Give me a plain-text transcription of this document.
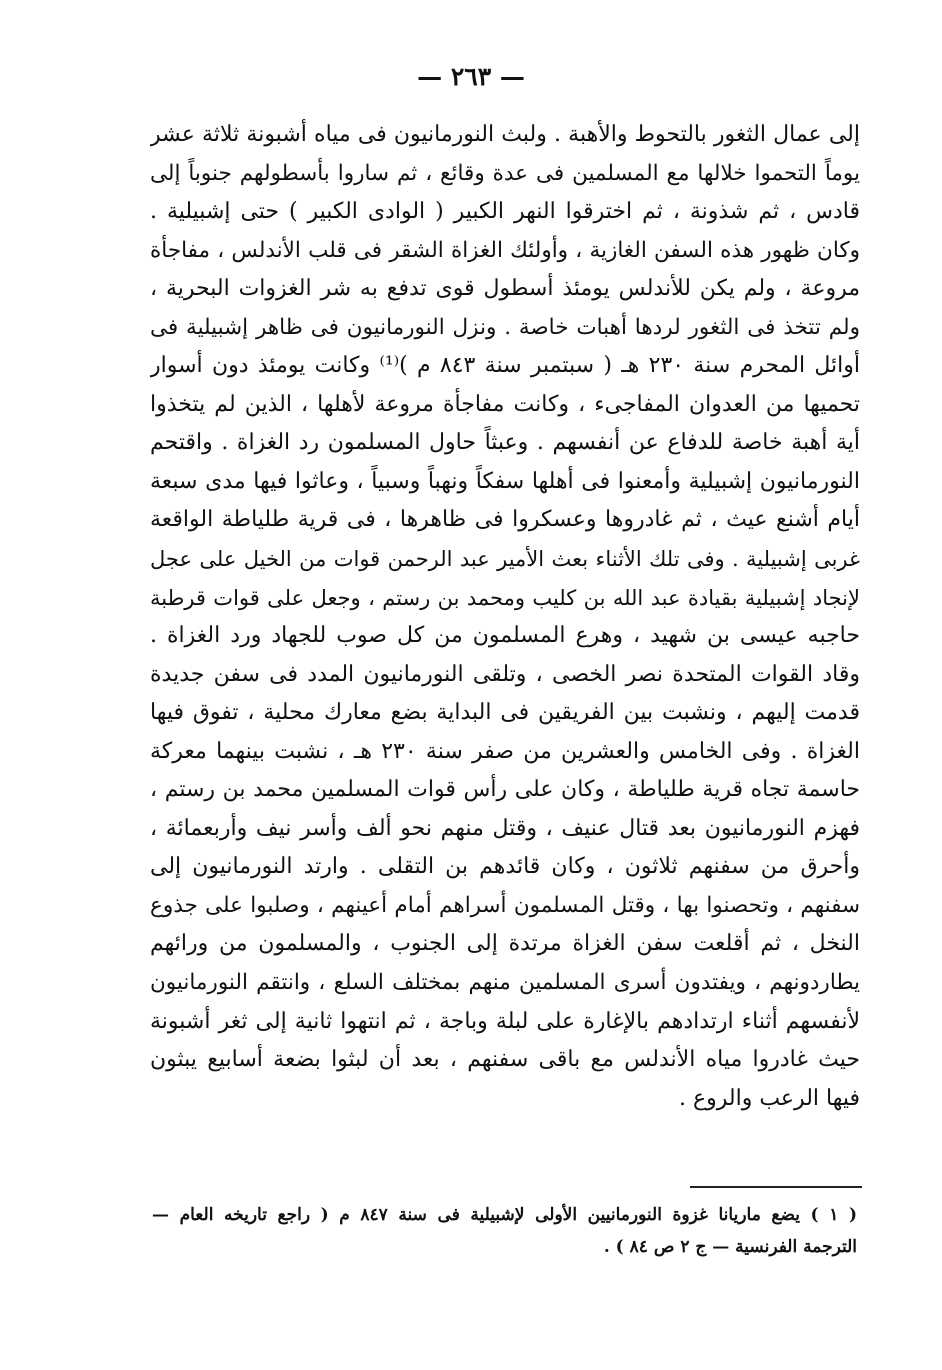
— ٢٦٣ —
إلى عمال الثغور بالتحوط والأهبة . ولبث النورمانيون فى مياه أشبونة ثلاثة عشر
يوماً التحموا خلالها مع المسلمين فى عدة وقائع ، ثم ساروا بأسطولهم جنوباً إلى
قادس ، ثم شذونة ، ثم اخترقوا النهر الكبير ( الوادى الكبير ) حتى إشبيلية .
وكان ظهور هذه السفن الغازية ، وأولئك الغزاة الشقر فى قلب الأندلس ، مفاجأة
مروعة ، ولم يكن للأندلس يومئذ أسطول قوى تدفع به شر الغزوات البحرية ،
ولم تتخذ فى الثغور لردها أهبات خاصة . ونزل النورمانيون فى ظاهر إشبيلية فى
أوائل المحرم سنة ٢٣٠ هـ ( سبتمبر سنة ٨٤٣ م )⁽¹⁾ وكانت يومئذ دون أسوار
تحميها من العدوان المفاجىء ، وكانت مفاجأة مروعة لأهلها ، الذين لم يتخذوا
أية أهبة خاصة للدفاع عن أنفسهم . وعبثاً حاول المسلمون رد الغزاة . واقتحم
النورمانيون إشبيلية وأمعنوا فى أهلها سفكاً ونهباً وسبياً ، وعاثوا فيها مدى سبعة
أيام أشنع عيث ، ثم غادروها وعسكروا فى ظاهرها ، فى قرية طلياطة الواقعة
غربى إشبيلية . وفى تلك الأثناء بعث الأمير عبد الرحمن قوات من الخيل على عجل
لإنجاد إشبيلية بقيادة عبد الله بن كليب ومحمد بن رستم ، وجعل على قوات قرطبة
حاجبه عيسى بن شهيد ، وهرع المسلمون من كل صوب للجهاد ورد الغزاة .
وقاد القوات المتحدة نصر الخصى ، وتلقى النورمانيون المدد فى سفن جديدة
قدمت إليهم ، ونشبت بين الفريقين فى البداية بضع معارك محلية ، تفوق فيها
الغزاة . وفى الخامس والعشرين من صفر سنة ٢٣٠ هـ ، نشبت بينهما معركة
حاسمة تجاه قرية طلياطة ، وكان على رأس قوات المسلمين محمد بن رستم ،
فهزم النورمانيون بعد قتال عنيف ، وقتل منهم نحو ألف وأسر نيف وأربعمائة ،
وأحرق من سفنهم ثلاثون ، وكان قائدهم بن التقلى . وارتد النورمانيون إلى
سفنهم ، وتحصنوا بها ، وقتل المسلمون أسراهم أمام أعينهم ، وصلبوا على جذوع
النخل ، ثم أقلعت سفن الغزاة مرتدة إلى الجنوب ، والمسلمون من ورائهم
يطاردونهم ، ويفتدون أسرى المسلمين منهم بمختلف السلع ، وانتقم النورمانيون
لأنفسهم أثناء ارتدادهم بالإغارة على لبلة وباجة ، ثم انتهوا ثانية إلى ثغر أشبونة
حيث غادروا مياه الأندلس مع باقى سفنهم ، بعد أن لبثوا بضعة أسابيع يبثون
فيها الرعب والروع .
( ١ ) يضع ماريانا غزوة النورمانيين الأولى لإشبيلية فى سنة ٨٤٧ م ( راجع تاريخه العام —
الترجمة الفرنسية — ج ٢ ص ٨٤ ) .
